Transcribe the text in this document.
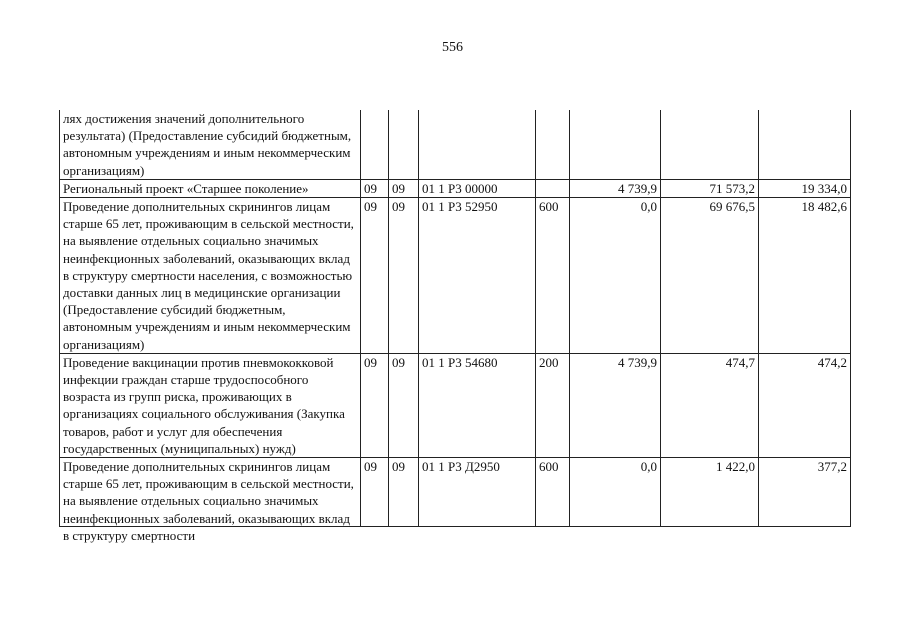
556
лях достижения значений дополнительного результата) (Предоставление субсидий бюджетным, автономным учреждениям и иным некоммерческим организациям)							
Региональный проект «Старшее поколение»	09	09	01 1 P3 00000		4 739,9	71 573,2	19 334,0
Проведение дополнительных скринингов лицам старше 65 лет, проживающим в сельской местности, на выявление отдельных социально значимых неинфекционных заболеваний, оказывающих вклад в структуру смертности населения, с возможностью доставки данных лиц в медицинские организации (Предоставление субсидий бюджетным, автономным учреждениям и иным некоммерческим организациям)	09	09	01 1 P3 52950	600	0,0	69 676,5	18 482,6
Проведение вакцинации против пневмококковой инфекции граждан старше трудоспособного возраста из групп риска, проживающих в организациях социального обслуживания (Закупка товаров, работ и услуг для обеспечения государственных (муниципальных) нужд)	09	09	01 1 P3 54680	200	4 739,9	474,7	474,2

Проведение дополнительных скринингов лицам старше 65 лет, проживающим в сельской местности, на выявление отдельных социально значимых неинфекционных заболеваний, оказывающих вклад в структуру смертности	09	09	01 1 P3 Д2950	600	0,0	1 422,0	377,2
